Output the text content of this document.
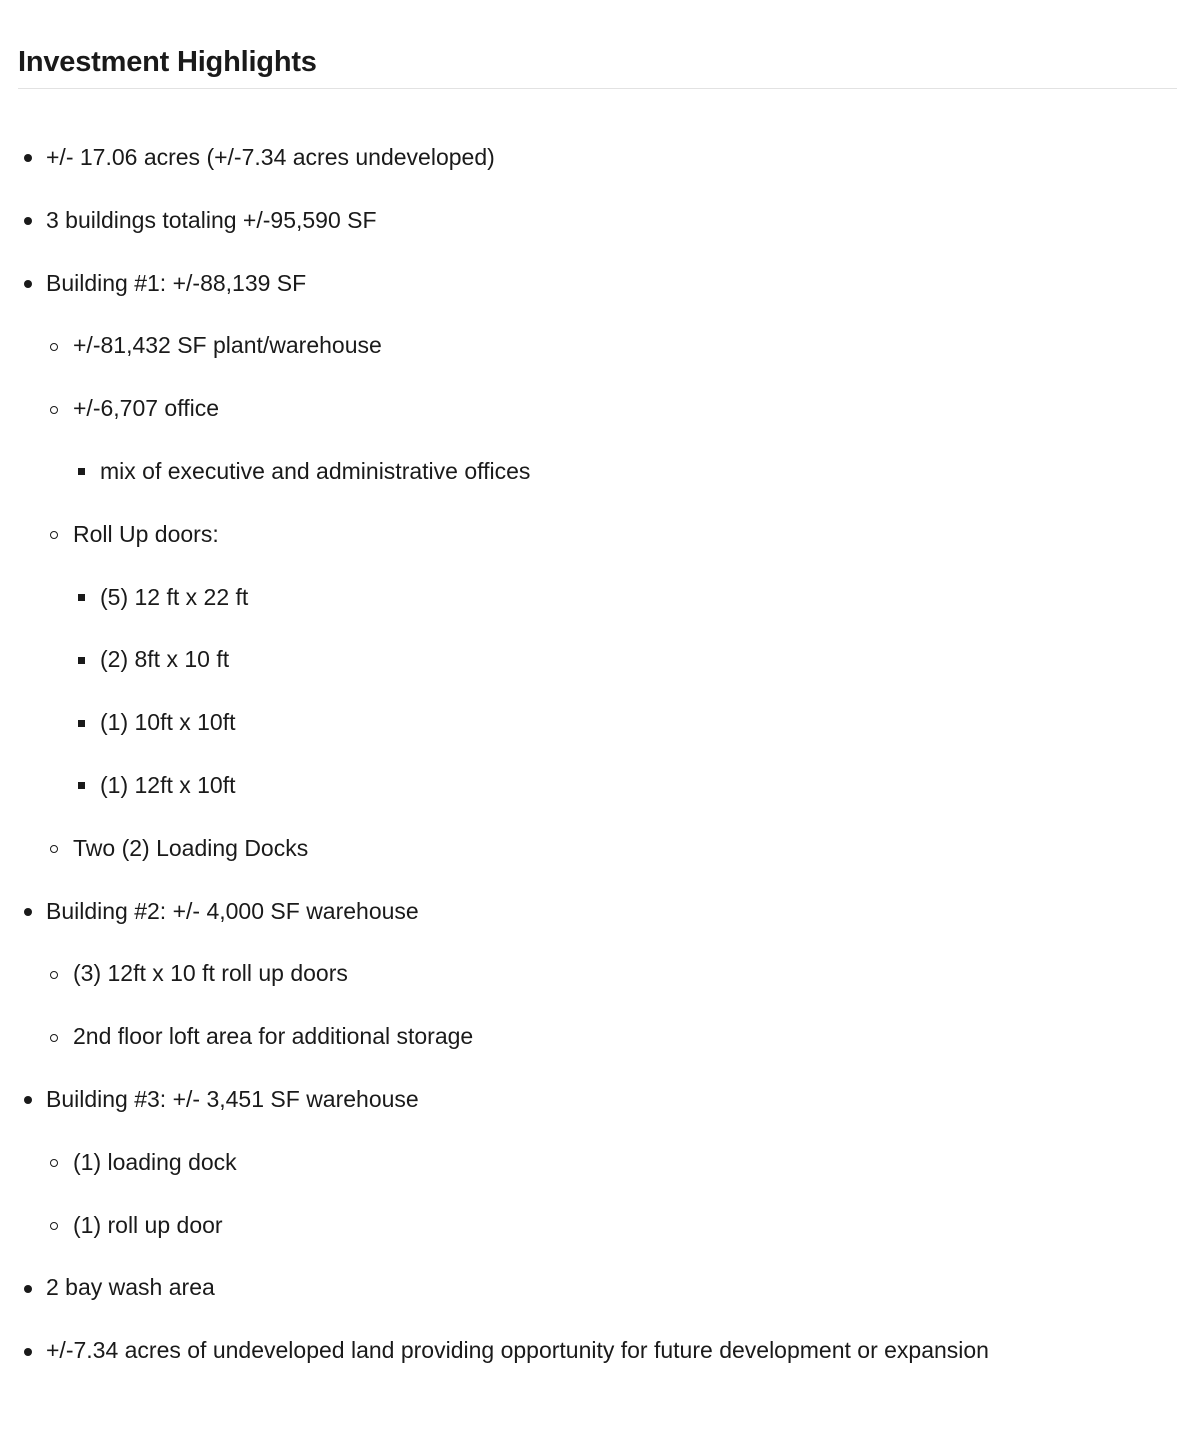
Investment Highlights
+/- 17.06 acres (+/-7.34 acres undeveloped)
3 buildings totaling +/-95,590 SF
Building #1: +/-88,139 SF
+/-81,432 SF plant/warehouse
+/-6,707 office
mix of executive and administrative offices
Roll Up doors:
(5) 12 ft x 22 ft
(2) 8ft x 10 ft
(1) 10ft x 10ft
(1) 12ft x 10ft
Two (2) Loading Docks
Building #2: +/- 4,000 SF warehouse
(3) 12ft x 10 ft roll up doors
2nd floor loft area for additional storage
Building #3: +/- 3,451 SF warehouse
(1) loading dock
(1) roll up door
2 bay wash area
+/-7.34 acres of undeveloped land providing opportunity for future development or expansion
